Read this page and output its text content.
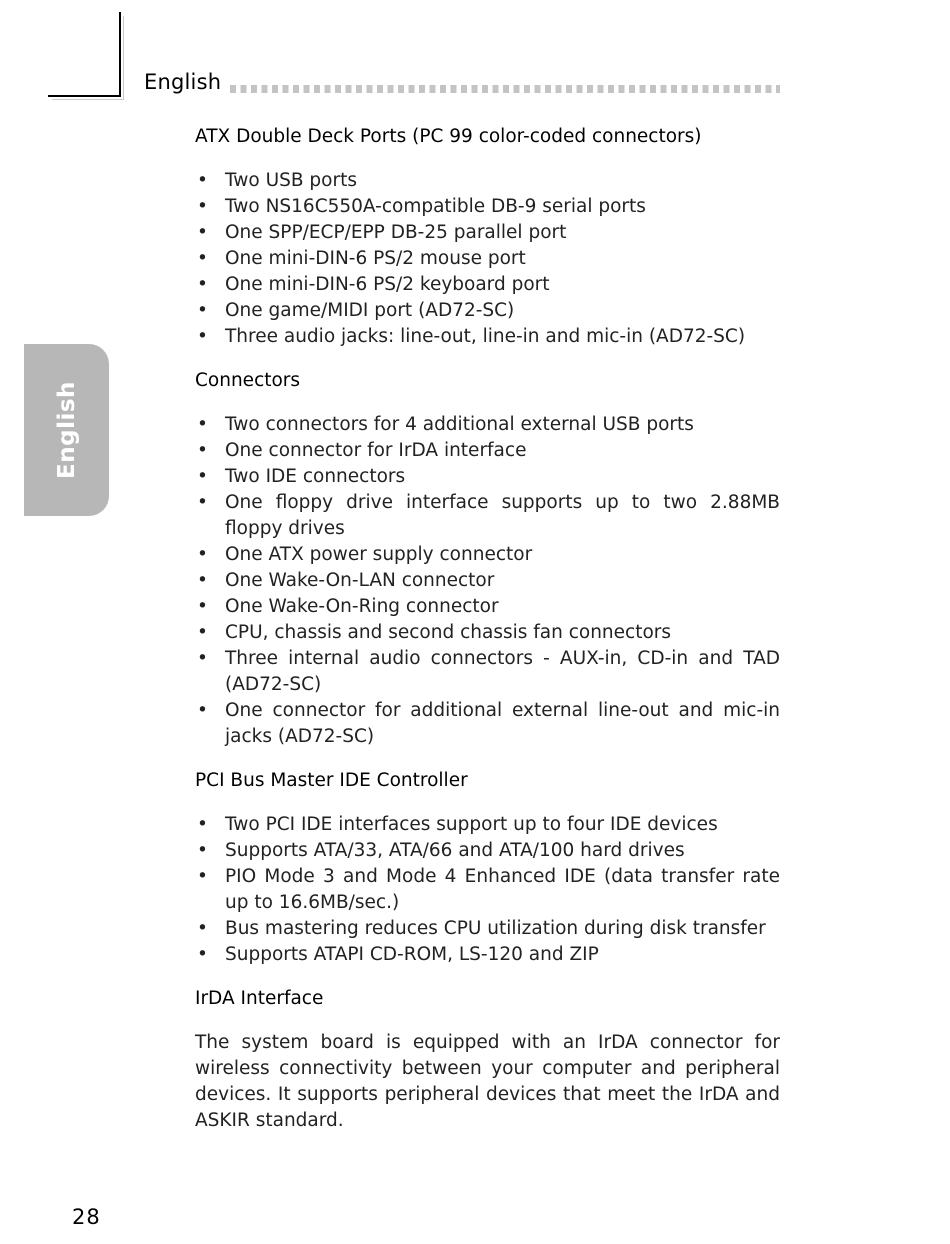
English
English
ATX Double Deck Ports (PC 99 color-coded connectors)
• Two USB ports
• Two NS16C550A-compatible DB-9 serial ports
• One SPP/ECP/EPP DB-25 parallel port
• One mini-DIN-6 PS/2 mouse port
• One mini-DIN-6 PS/2 keyboard port
• One game/MIDI port (AD72-SC)
• Three audio jacks: line-out, line-in and mic-in (AD72-SC)
Connectors
• Two connectors for 4 additional external USB ports
• One connector for IrDA interface
• Two IDE connectors
• One floppy drive interface supports up to two 2.88MB floppy drives
• One ATX power supply connector
• One Wake-On-LAN connector
• One Wake-On-Ring connector
• CPU, chassis and second chassis fan connectors
• Three internal audio connectors - AUX-in, CD-in and TAD (AD72-SC)
• One connector for additional external line-out and mic-in jacks (AD72-SC)
PCI Bus Master IDE Controller
• Two PCI IDE interfaces support up to four IDE devices
• Supports ATA/33, ATA/66 and ATA/100 hard drives
• PIO Mode 3 and Mode 4 Enhanced IDE (data transfer rate up to 16.6MB/sec.)
• Bus mastering reduces CPU utilization during disk transfer
• Supports ATAPI CD-ROM, LS-120 and ZIP
IrDA Interface

The system board is equipped with an IrDA connector for wireless connectivity between your computer and peripheral devices. It supports peripheral devices that meet the IrDA and ASKIR standard.

28
